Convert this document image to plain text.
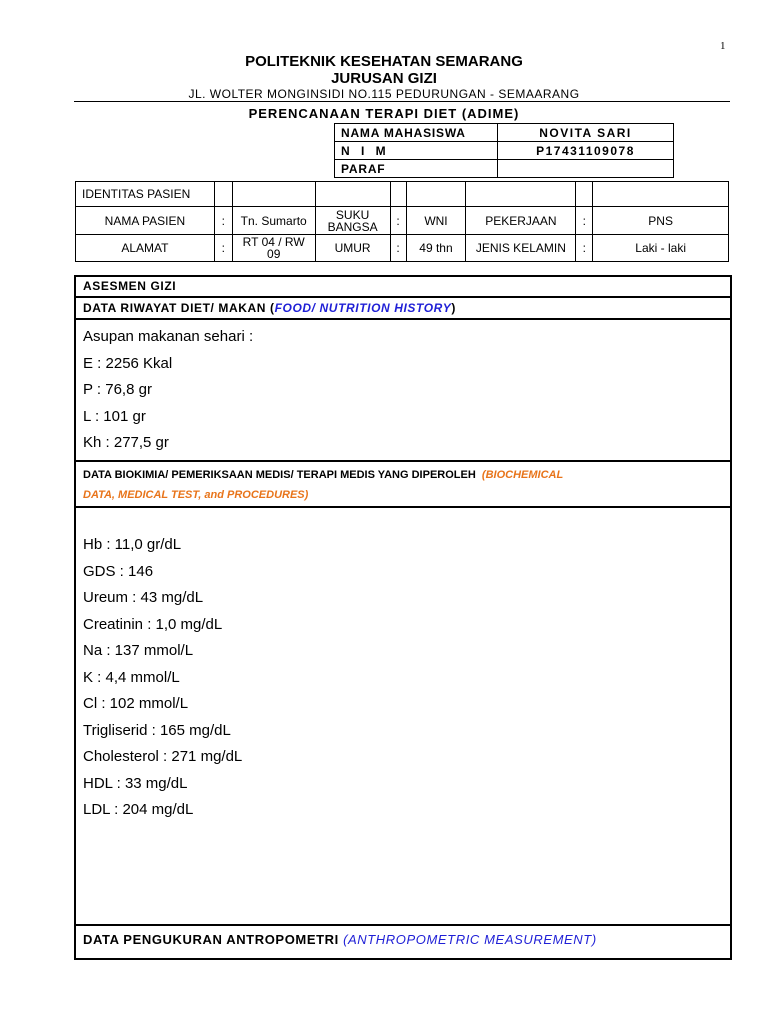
1
POLITEKNIK KESEHATAN SEMARANG
JURUSAN GIZI
JL. WOLTER MONGINSIDI NO.115 PEDURUNGAN - SEMAARANG
PERENCANAAN TERAPI DIET (ADIME)
NAMA MAHASISWA	NOVITA SARI
N I M	P17431109078
PARAF	
IDENTITAS PASIEN								
NAMA PASIEN	:	Tn. Sumarto	SUKU BANGSA	:	WNI	PEKERJAAN	:	PNS
ALAMAT	:	RT 04 / RW 09	UMUR	:	49 thn	JENIS KELAMIN	:	Laki - laki
ASESMEN GIZI
DATA RIWAYAT DIET/ MAKAN (FOOD/ NUTRITION HISTORY)
Asupan makanan sehari :
E : 2256 Kkal
P : 76,8 gr
L : 101 gr
Kh : 277,5 gr
DATA BIOKIMIA/ PEMERIKSAAN MEDIS/ TERAPI MEDIS YANG DIPEROLEH (BIOCHEMICAL
DATA, MEDICAL TEST, and PROCEDURES)
Hb : 11,0 gr/dL
GDS : 146
Ureum : 43 mg/dL
Creatinin : 1,0 mg/dL
Na : 137 mmol/L
K : 4,4 mmol/L
Cl : 102 mmol/L
Trigliserid : 165 mg/dL
Cholesterol : 271 mg/dL
HDL : 33 mg/dL
LDL : 204 mg/dL
DATA PENGUKURAN ANTROPOMETRI (ANTHROPOMETRIC MEASUREMENT)
